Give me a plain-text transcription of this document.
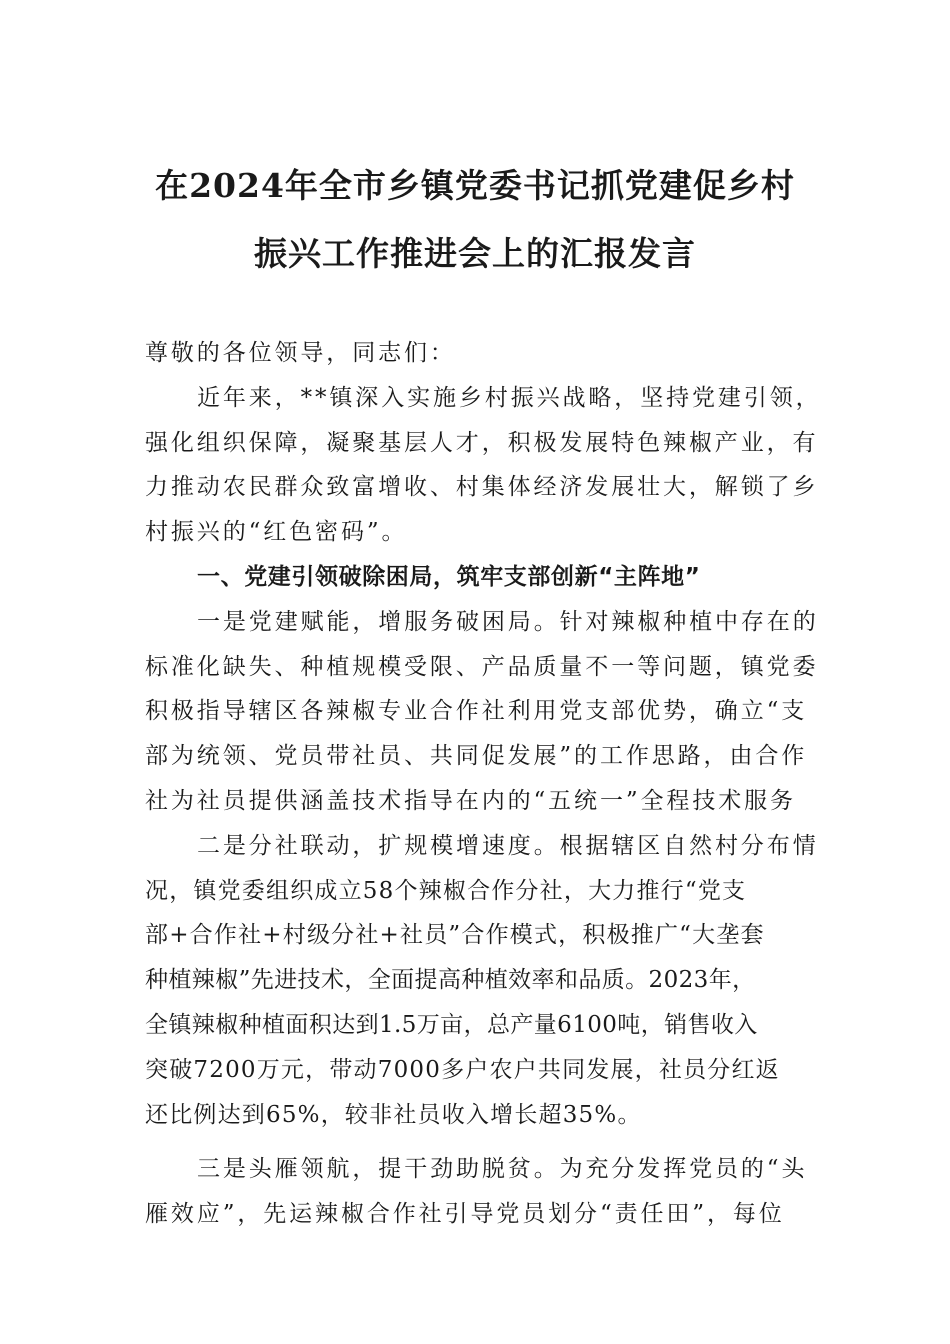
在2024年全市乡镇党委书记抓党建促乡村
振兴工作推进会上的汇报发言
尊敬的各位领导，同志们：
近年来，**镇深入实施乡村振兴战略，坚持党建引领，
强化组织保障，凝聚基层人才，积极发展特色辣椒产业，有
力推动农民群众致富增收、村集体经济发展壮大，解锁了乡
村振兴的“红色密码”。
一、党建引领破除困局，筑牢支部创新“主阵地”
一是党建赋能，增服务破困局。针对辣椒种植中存在的
标准化缺失、种植规模受限、产品质量不一等问题，镇党委
积极指导辖区各辣椒专业合作社利用党支部优势，确立“支
部为统领、党员带社员、共同促发展”的工作思路，由合作
社为社员提供涵盖技术指导在内的“五统一”全程技术服务
二是分社联动，扩规模增速度。根据辖区自然村分布情
况，镇党委组织成立58个辣椒合作分社，大力推行“党支
部+合作社+村级分社+社员”合作模式，积极推广“大垄套
种植辣椒”先进技术，全面提高种植效率和品质。2023年，
全镇辣椒种植面积达到1.5万亩，总产量6100吨，销售收入
突破7200万元，带动7000多户农户共同发展，社员分红返
还比例达到65%，较非社员收入增长超35%。
三是头雁领航，提干劲助脱贫。为充分发挥党员的“头
雁效应”，先运辣椒合作社引导党员划分“责任田”，每位
